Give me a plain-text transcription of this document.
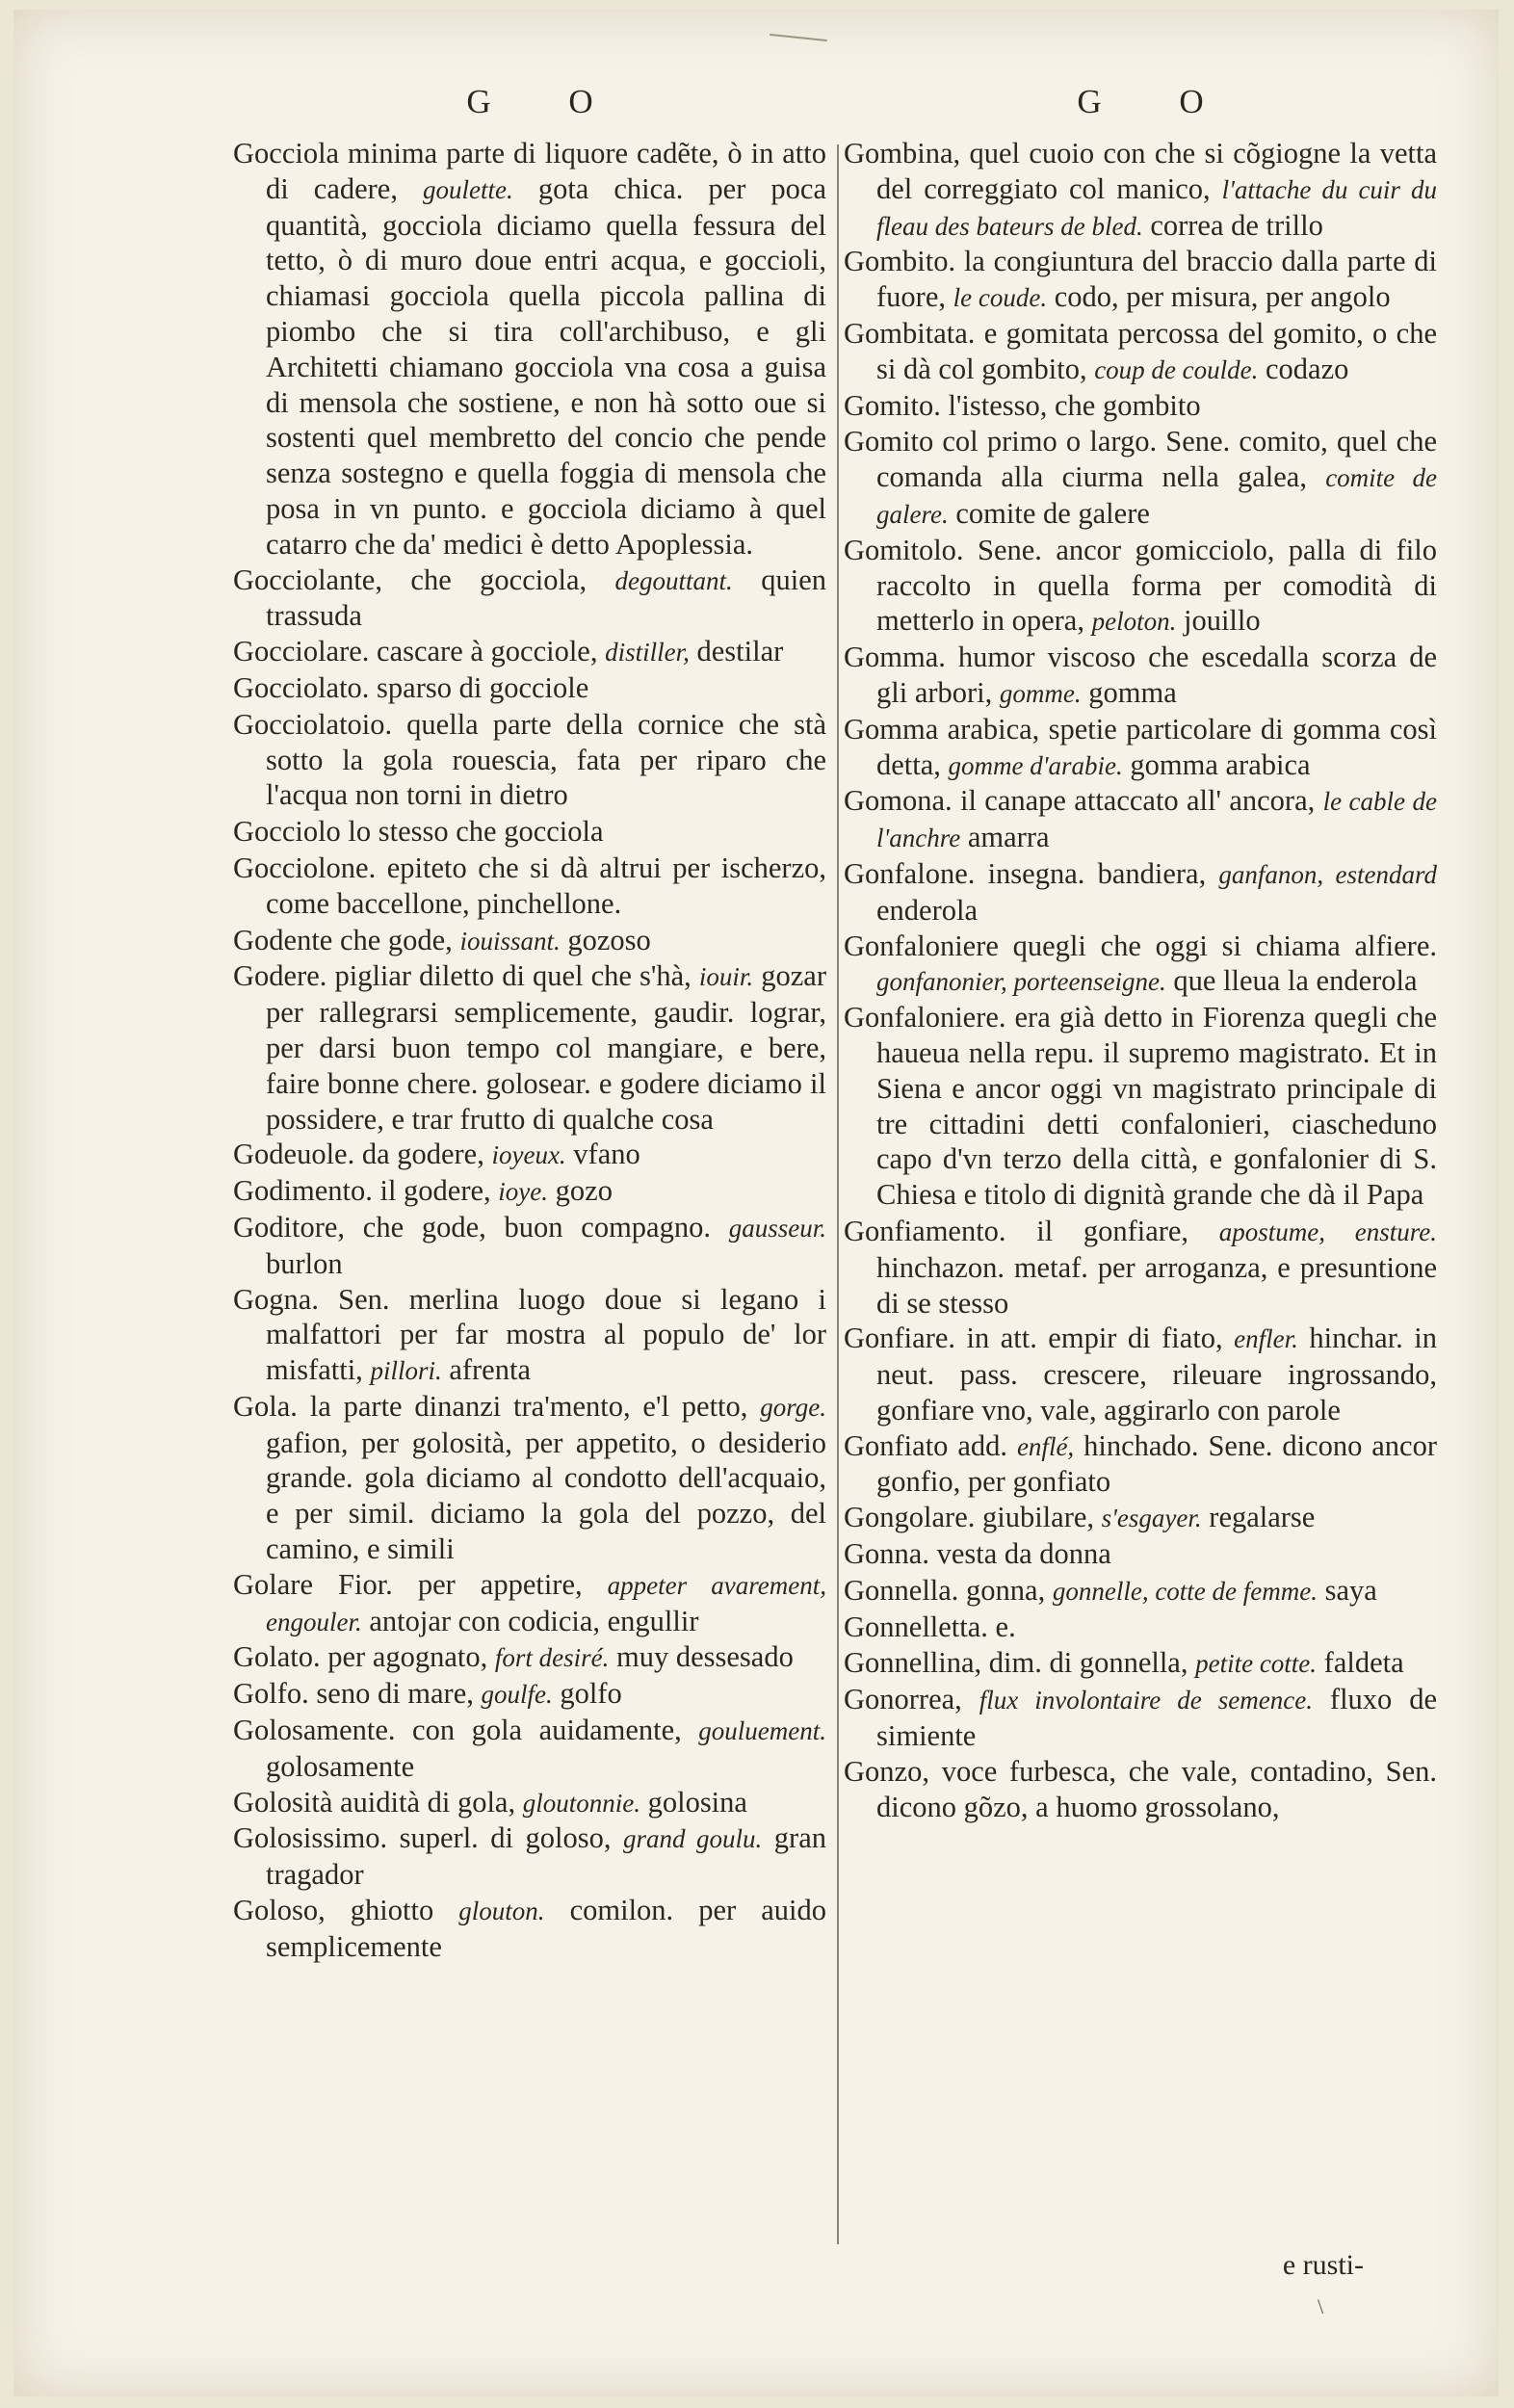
G O
Gocciola minima parte di liquore cadẽte, ò in atto di cadere, goulette. gota chica. per poca quantità, gocciola diciamo quella fessura del tetto, ò di muro doue entri acqua, e goccioli, chiamasi gocciola quella piccola pallina di piombo che si tira coll'archibuso, e gli Architetti chiamano gocciola vna cosa a guisa di mensola che sostiene, e non hà sotto oue si sostenti quel membretto del concio che pende senza sostegno e quella foggia di mensola che posa in vn punto. e gocciola diciamo à quel catarro che da' medici è detto Apoplessia.
Gocciolante, che gocciola, degouttant. quien trassuda
Gocciolare. cascare à gocciole, distiller, destilar
Gocciolato. sparso di gocciole
Gocciolatoio. quella parte della cornice che stà sotto la gola rouescia, fata per riparo che l'acqua non torni in dietro
Gocciolo lo stesso che gocciola
Gocciolone. epiteto che si dà altrui per ischerzo, come baccellone, pinchellone.
Godente che gode, iouissant. gozoso
Godere. pigliar diletto di quel che s'hà, iouir. gozar per rallegrarsi semplicemente, gaudir. lograr, per darsi buon tempo col mangiare, e bere, faire bonne chere. golosear. e godere diciamo il possidere, e trar frutto di qualche cosa
Godeuole. da godere, ioyeux. vfano
Godimento. il godere, ioye. gozo
Goditore, che gode, buon compagno. gausseur. burlon
Gogna. Sen. merlina luogo doue si legano i malfattori per far mostra al populo de' lor misfatti, pillori. afrenta
Gola. la parte dinanzi tra'mento, e'l petto, gorge. gafion, per golosità, per appetito, o desiderio grande. gola diciamo al condotto dell'acquaio, e per simil. diciamo la gola del pozzo, del camino, e simili
Golare Fior. per appetire, appeter avarement, engouler. antojar con codicia, engullir
Golato. per agognato, fort desiré. muy dessesado
Golfo. seno di mare, goulfe. golfo
Golosamente. con gola auidamente, gouluement. golosamente
Golosità auidità di gola, gloutonnie. golosina
Golosissimo. superl. di goloso, grand goulu. gran tragador
Goloso, ghiotto glouton. comilon. per auido semplicemente
G O
Gombina, quel cuoio con che si cõgiogne la vetta del correggiato col manico, l'attache du cuir du fleau des bateurs de bled. correa de trillo
Gombito. la congiuntura del braccio dalla parte di fuore, le coude. codo, per misura, per angolo
Gombitata. e gomitata percossa del gomito, o che si dà col gombito, coup de coulde. codazo
Gomito. l'istesso, che gombito
Gomito col primo o largo. Sene. comito, quel che comanda alla ciurma nella galea, comite de galere. comite de galere
Gomitolo. Sene. ancor gomicciolo, palla di filo raccolto in quella forma per comodità di metterlo in opera, peloton. jouillo
Gomma. humor viscoso che escedalla scorza de gli arbori, gomme. gomma
Gomma arabica, spetie particolare di gomma così detta, gomme d'arabie. gomma arabica
Gomona. il canape attaccato all' ancora, le cable de l'anchre amarra
Gonfalone. insegna. bandiera, ganfanon, estendard enderola
Gonfaloniere quegli che oggi si chiama alfiere. gonfanonier, porteenseigne. que lleua la enderola
Gonfaloniere. era già detto in Fiorenza quegli che haueua nella repu. il supremo magistrato. Et in Siena e ancor oggi vn magistrato principale di tre cittadini detti confalonieri, ciascheduno capo d'vn terzo della città, e gonfalonier di S. Chiesa e titolo di dignità grande che dà il Papa
Gonfiamento. il gonfiare, apostume, ensture. hinchazon. metaf. per arroganza, e presuntione di se stesso
Gonfiare. in att. empir di fiato, enfler. hinchar. in neut. pass. crescere, rileuare ingrossando, gonfiare vno, vale, aggirarlo con parole
Gonfiato add. enflé, hinchado. Sene. dicono ancor gonfio, per gonfiato
Gongolare. giubilare, s'esgayer. regalarse
Gonna. vesta da donna
Gonnella. gonna, gonnelle, cotte de femme. saya
Gonnelletta. e.
Gonnellina, dim. di gonnella, petite cotte. faldeta
Gonorrea, flux involontaire de semence. fluxo de simiente
Gonzo, voce furbesca, che vale, contadino, Sen. dicono gõzo, a huomo grossolano,
e rusti-
\
